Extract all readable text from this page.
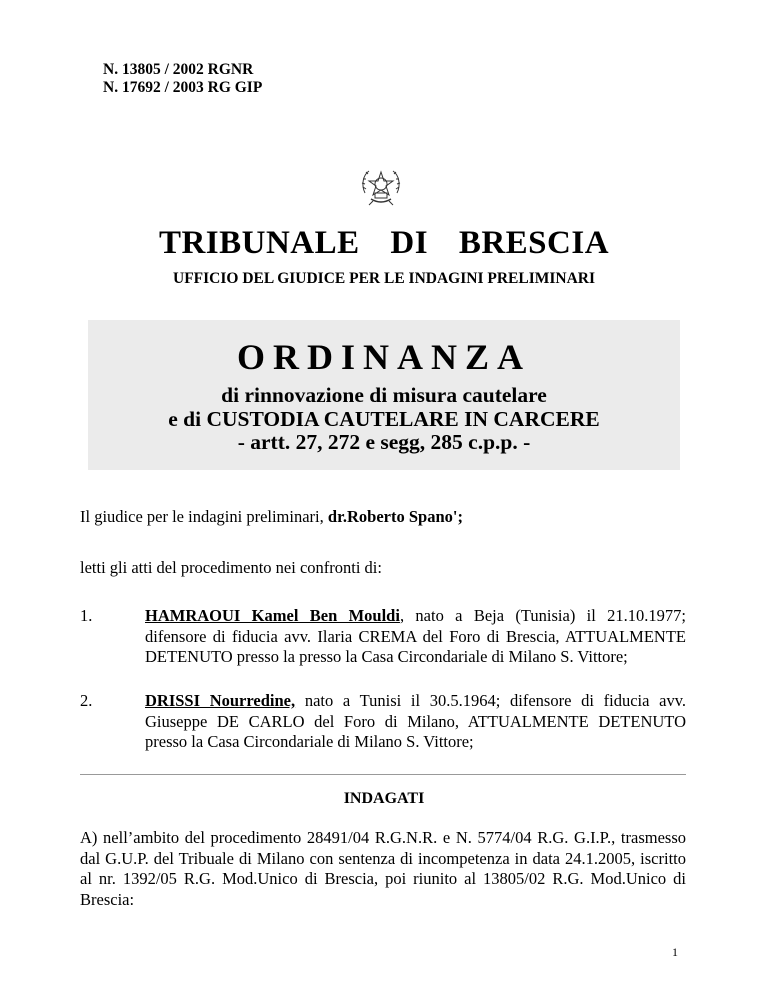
N. 13805 / 2002 RGNR
N. 17692 / 2003 RG GIP
TRIBUNALE DI BRESCIA
UFFICIO DEL GIUDICE PER LE INDAGINI PRELIMINARI
ORDINANZA
di rinnovazione di misura cautelare
e di CUSTODIA CAUTELARE IN CARCERE
- artt. 27, 272 e segg, 285 c.p.p. -
Il giudice per le indagini preliminari, dr.Roberto Spano';
letti gli atti del procedimento nei confronti di:
1.	HAMRAOUI Kamel Ben Mouldi, nato a Beja (Tunisia) il 21.10.1977; difensore di fiducia avv. Ilaria CREMA del Foro di Brescia, ATTUALMENTE DETENUTO presso la presso la Casa Circondariale di Milano S. Vittore;
2.	DRISSI Nourredine, nato a Tunisi il 30.5.1964; difensore di fiducia avv. Giuseppe DE CARLO del Foro di Milano, ATTUALMENTE DETENUTO presso la Casa Circondariale di Milano S. Vittore;
INDAGATI
A) nell’ambito del procedimento 28491/04 R.G.N.R. e N. 5774/04 R.G. G.I.P., trasmesso dal G.U.P. del Tribuale di Milano con sentenza di incompetenza in data 24.1.2005, iscritto al nr. 1392/05 R.G. Mod.Unico di Brescia, poi riunito al 13805/02 R.G. Mod.Unico di Brescia:
1
